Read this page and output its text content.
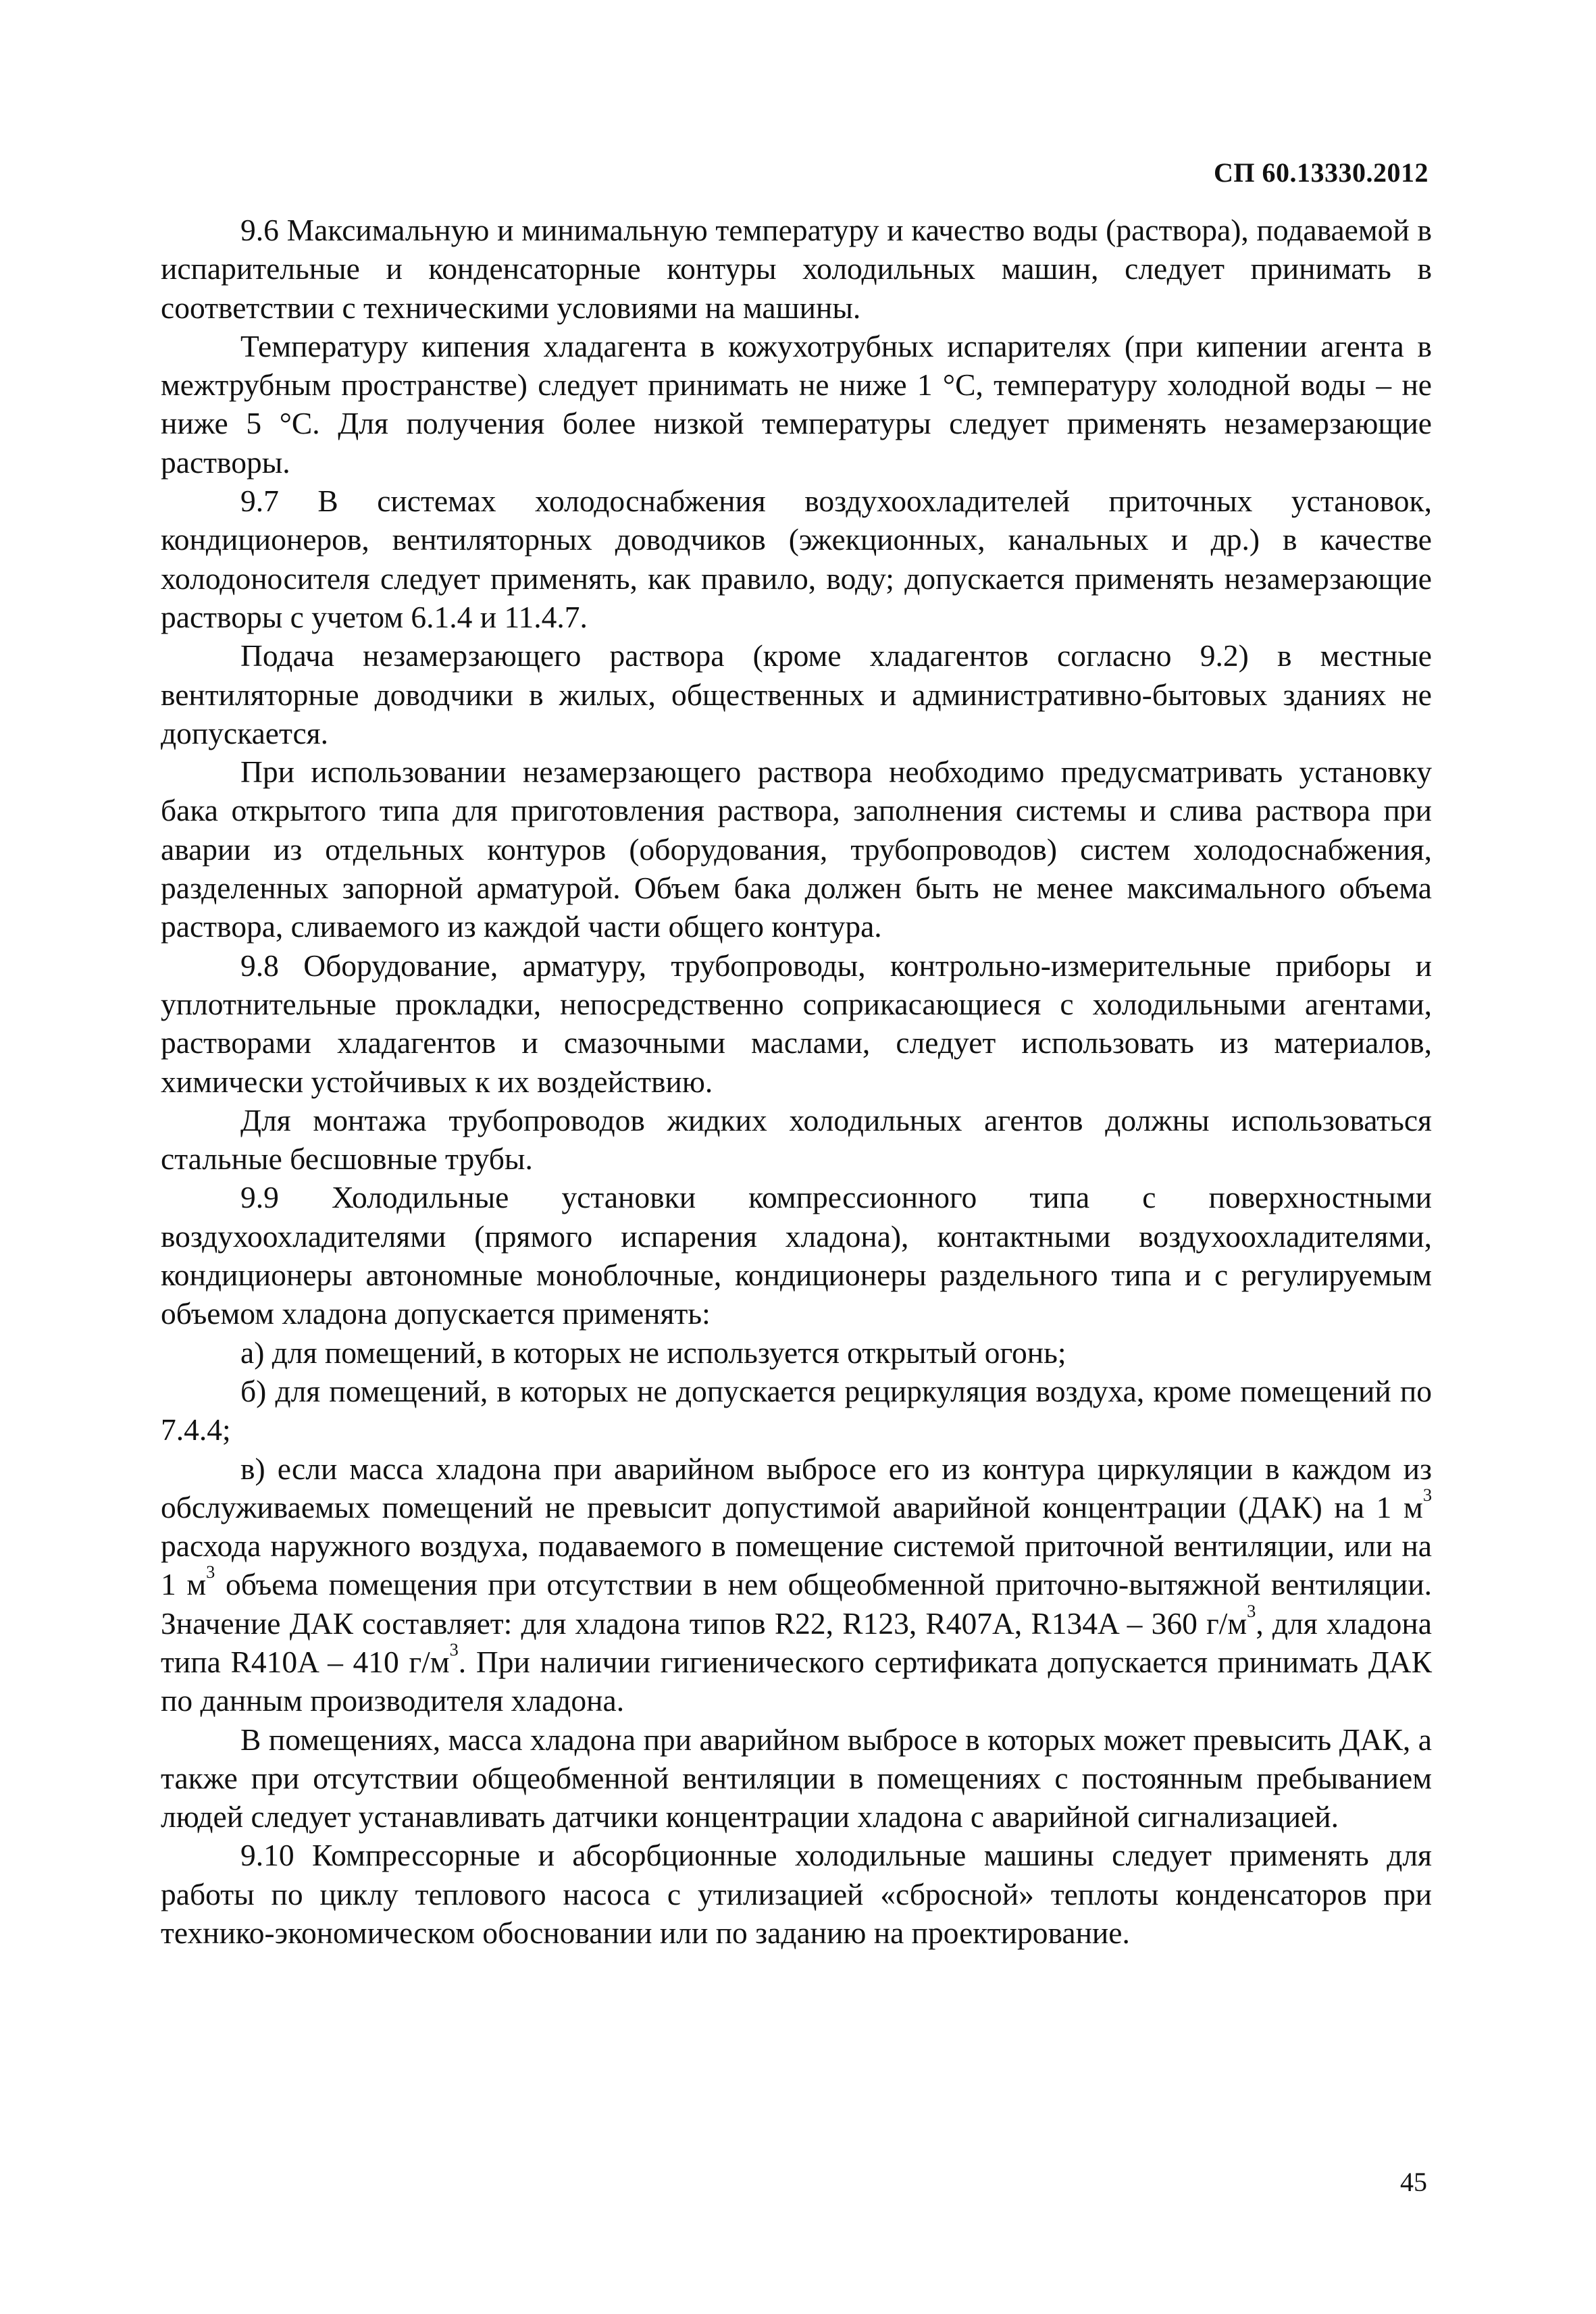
СП 60.13330.2012

9.6 Максимальную и минимальную температуру и качество воды (раствора), подаваемой в испарительные и конденсаторные контуры холодильных машин, следует принимать в соответствии с техническими условиями на машины.

Температуру кипения хладагента в кожухотрубных испарителях (при кипении агента в межтрубным пространстве) следует принимать не ниже 1 °С, температуру холодной воды – не ниже 5 °С. Для получения более низкой температуры следует применять незамерзающие растворы.

9.7 В системах холодоснабжения воздухоохладителей приточных установок, кондиционеров, вентиляторных доводчиков (эжекционных, канальных и др.) в качестве холодоносителя следует применять, как правило, воду; допускается применять незамерзающие растворы с учетом 6.1.4 и 11.4.7.

Подача незамерзающего раствора (кроме хладагентов согласно 9.2) в местные вентиляторные доводчики в жилых, общественных и административно-бытовых зданиях не допускается.

При использовании незамерзающего раствора необходимо предусматривать установку бака открытого типа для приготовления раствора, заполнения системы и слива раствора при аварии из отдельных контуров (оборудования, трубопроводов) систем холодоснабжения, разделенных запорной арматурой. Объем бака должен быть не менее максимального объема раствора, сливаемого из каждой части общего контура.

9.8 Оборудование, арматуру, трубопроводы, контрольно-измерительные приборы и уплотнительные прокладки, непосредственно соприкасающиеся с холодильными агентами, растворами хладагентов и смазочными маслами, следует использовать из материалов, химически устойчивых к их воздействию.

Для монтажа трубопроводов жидких холодильных агентов должны использоваться стальные бесшовные трубы.

9.9 Холодильные установки компрессионного типа с поверхностными воздухоохладителями (прямого испарения хладона), контактными воздухоохладителями, кондиционеры автономные моноблочные, кондиционеры раздельного типа и с регулируемым объемом хладона допускается применять:

а) для помещений, в которых не используется открытый огонь;

б) для помещений, в которых не допускается рециркуляция воздуха, кроме помещений по 7.4.4;

в) если масса хладона при аварийном выбросе его из контура циркуляции в каждом из обслуживаемых помещений не превысит допустимой аварийной концентрации (ДАК) на 1 $м^3$ расхода наружного воздуха, подаваемого в помещение системой приточной вентиляции, или на 1 $м^3$ объема помещения при отсутствии в нем общеобменной приточно-вытяжной вентиляции. Значение ДАК составляет: для хладона типов R22, R123, R407A, R134A – 360 $г/м^3$, для хладона типа R410A – 410 $г/м^3$. При наличии гигиенического сертификата допускается принимать ДАК по данным производителя хладона.

В помещениях, масса хладона при аварийном выбросе в которых может превысить ДАК, а также при отсутствии общеобменной вентиляции в помещениях с постоянным пребыванием людей следует устанавливать датчики концентрации хладона с аварийной сигнализацией.

9.10 Компрессорные и абсорбционные холодильные машины следует применять для работы по циклу теплового насоса с утилизацией «сбросной» теплоты конденсаторов при технико-экономическом обосновании или по заданию на проектирование.

45
